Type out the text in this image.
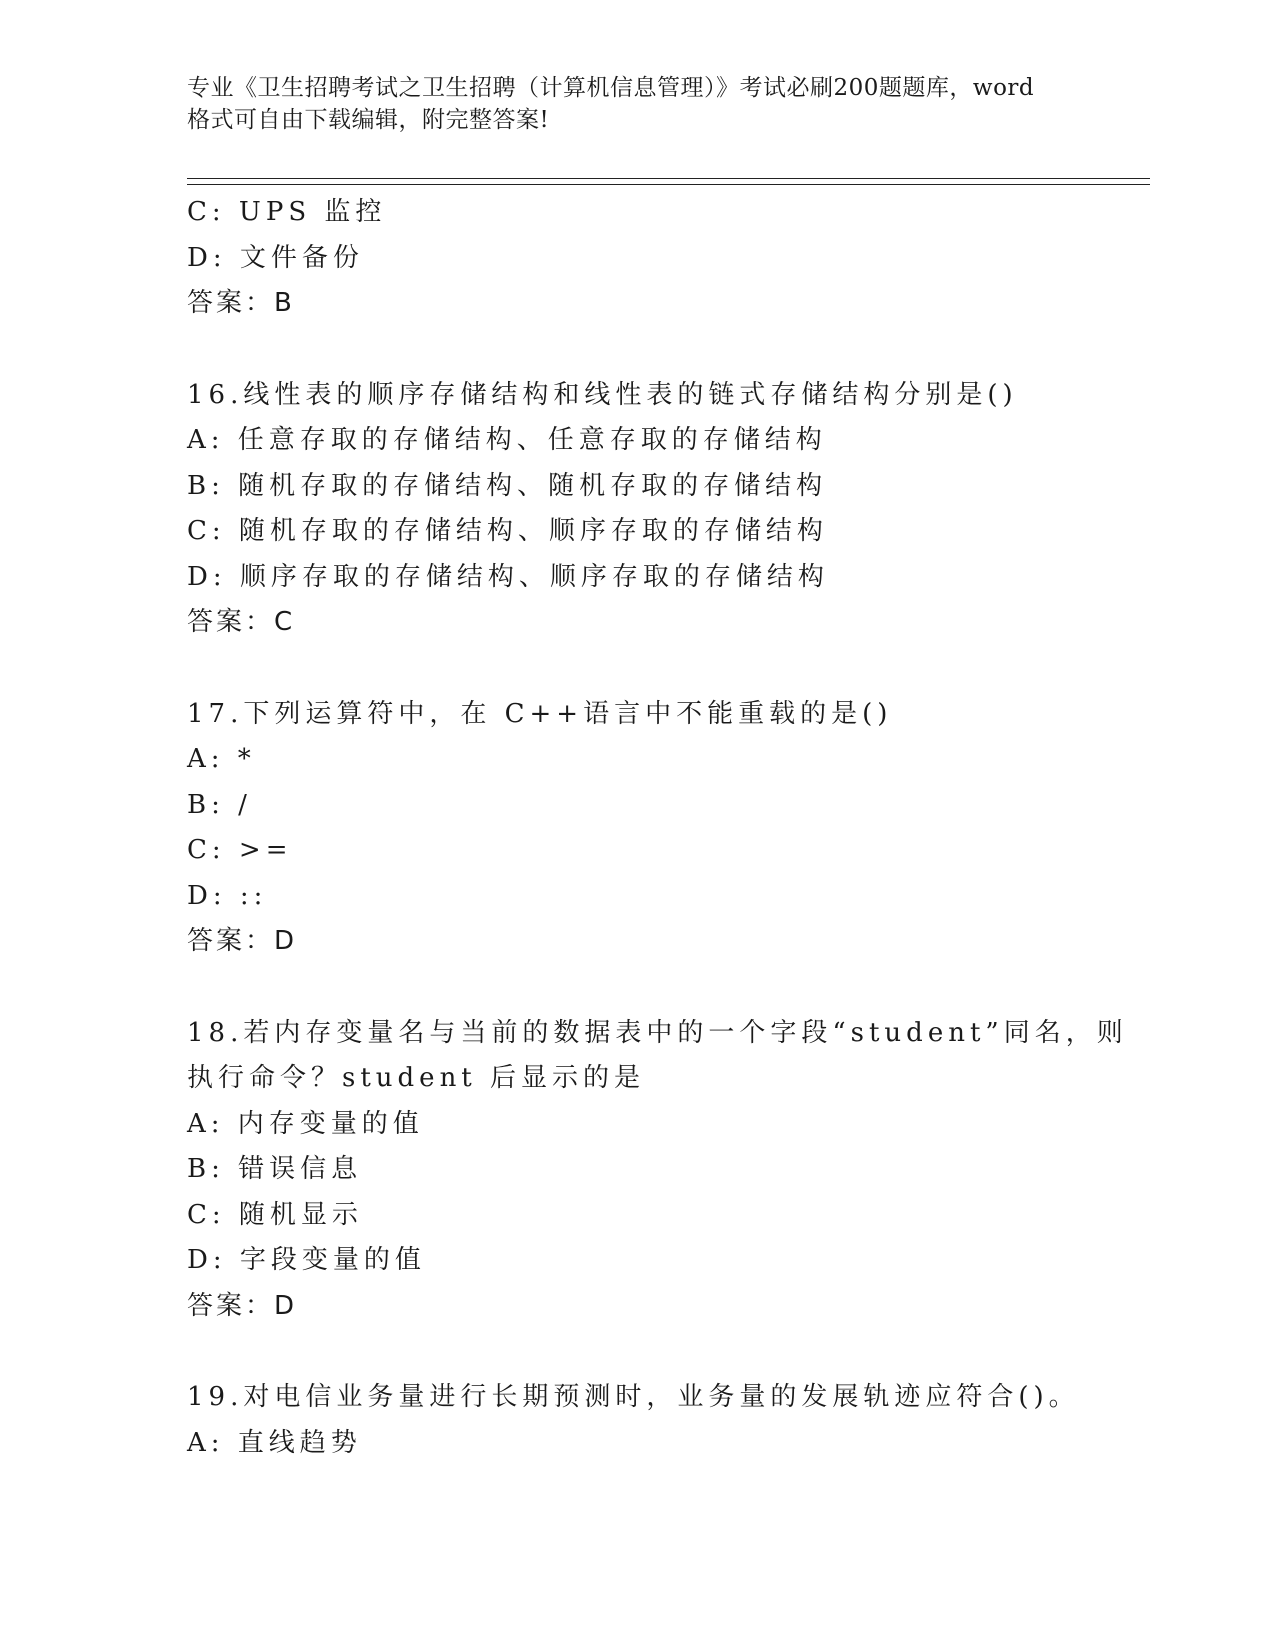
专业《卫生招聘考试之卫生招聘（计算机信息管理）》考试必刷200题题库，word
格式可自由下载编辑，附完整答案!
C: UPS 监控
D: 文件备份
答案：B
16.线性表的顺序存储结构和线性表的链式存储结构分别是()
A: 任意存取的存储结构、任意存取的存储结构
B: 随机存取的存储结构、随机存取的存储结构
C: 随机存取的存储结构、顺序存取的存储结构
D: 顺序存取的存储结构、顺序存取的存储结构
答案：C
17.下列运算符中，在 C++语言中不能重载的是()
A: *
B: /
C: >=
D: ::
答案：D
18.若内存变量名与当前的数据表中的一个字段“student”同名，则
执行命令？student 后显示的是
A: 内存变量的值
B: 错误信息
C: 随机显示
D: 字段变量的值
答案：D
19.对电信业务量进行长期预测时，业务量的发展轨迹应符合()。
A: 直线趋势
